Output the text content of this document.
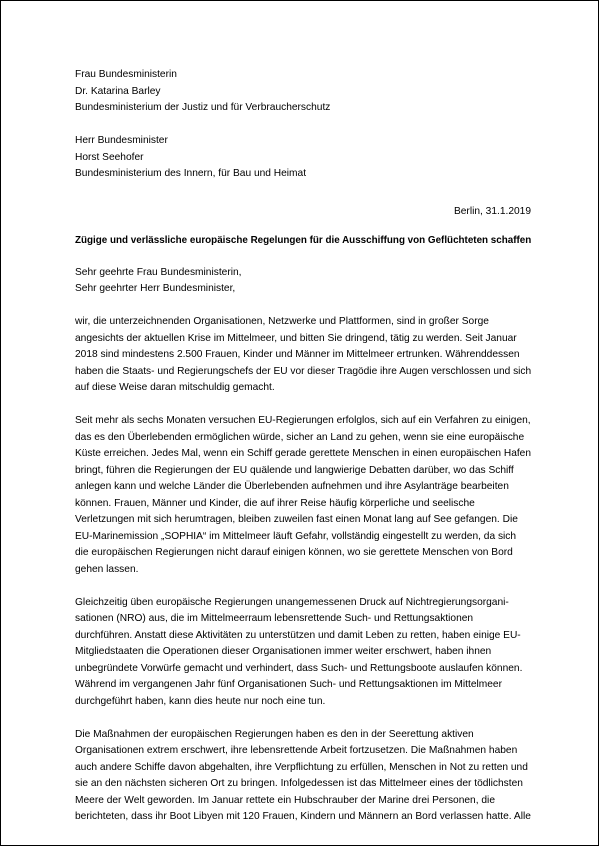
Frau Bundesministerin
Dr. Katarina Barley
Bundesministerium der Justiz und für Verbraucherschutz
Herr Bundesminister
Horst Seehofer
Bundesministerium des Innern, für Bau und Heimat
Berlin, 31.1.2019
Zügige und verlässliche europäische Regelungen für die Ausschiffung von Geflüchteten schaffen
Sehr geehrte Frau Bundesministerin,
Sehr geehrter Herr Bundesminister,
wir, die unterzeichnenden Organisationen, Netzwerke und Plattformen, sind in großer Sorge
angesichts der aktuellen Krise im Mittelmeer, und bitten Sie dringend, tätig zu werden. Seit Januar
2018 sind mindestens 2.500 Frauen, Kinder und Männer im Mittelmeer ertrunken. Währenddessen
haben die Staats- und Regierungschefs der EU vor dieser Tragödie ihre Augen verschlossen und sich
auf diese Weise daran mitschuldig gemacht.
Seit mehr als sechs Monaten versuchen EU-Regierungen erfolglos, sich auf ein Verfahren zu einigen,
das es den Überlebenden ermöglichen würde, sicher an Land zu gehen, wenn sie eine europäische
Küste erreichen. Jedes Mal, wenn ein Schiff gerade gerettete Menschen in einen europäischen Hafen
bringt, führen die Regierungen der EU quälende und langwierige Debatten darüber, wo das Schiff
anlegen kann und welche Länder die Überlebenden aufnehmen und ihre Asylanträge bearbeiten
können. Frauen, Männer und Kinder, die auf ihrer Reise häufig körperliche und seelische
Verletzungen mit sich herumtragen, bleiben zuweilen fast einen Monat lang auf See gefangen. Die
EU-Marinemission „SOPHIA“ im Mittelmeer läuft Gefahr, vollständig eingestellt zu werden, da sich
die europäischen Regierungen nicht darauf einigen können, wo sie gerettete Menschen von Bord
gehen lassen.
Gleichzeitig üben europäische Regierungen unangemessenen Druck auf Nichtregierungsorgani-
sationen (NRO) aus, die im Mittelmeerraum lebensrettende Such- und Rettungsaktionen
durchführen. Anstatt diese Aktivitäten zu unterstützen und damit Leben zu retten, haben einige EU-
Mitgliedstaaten die Operationen dieser Organisationen immer weiter erschwert, haben ihnen
unbegründete Vorwürfe gemacht und verhindert, dass Such- und Rettungsboote auslaufen können.
Während im vergangenen Jahr fünf Organisationen Such- und Rettungsaktionen im Mittelmeer
durchgeführt haben, kann dies heute nur noch eine tun.
Die Maßnahmen der europäischen Regierungen haben es den in der Seerettung aktiven
Organisationen extrem erschwert, ihre lebensrettende Arbeit fortzusetzen. Die Maßnahmen haben
auch andere Schiffe davon abgehalten, ihre Verpflichtung zu erfüllen, Menschen in Not zu retten und
sie an den nächsten sicheren Ort zu bringen. Infolgedessen ist das Mittelmeer eines der tödlichsten
Meere der Welt geworden. Im Januar rettete ein Hubschrauber der Marine drei Personen, die
berichteten, dass ihr Boot Libyen mit 120 Frauen, Kindern und Männern an Bord verlassen hatte. Alle
